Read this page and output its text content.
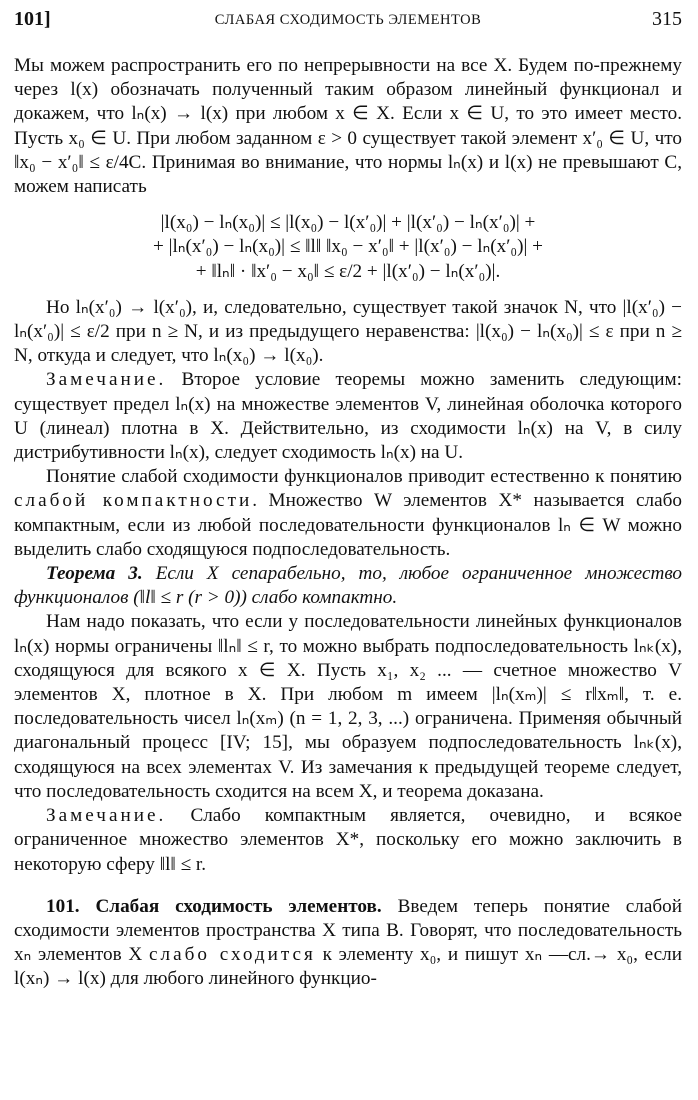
101]	СЛАБАЯ СХОДИМОСТЬ ЭЛЕМЕНТОВ	315

Мы можем распространить его по непрерывности на все X. Будем по-прежнему через l(x) обозначать полученный таким образом линейный функционал и докажем, что lₙ(x) → l(x) при любом x ∈ X. Если x ∈ U, то это имеет место. Пусть x₀ ∈ U. При любом заданном ε > 0 существует такой элемент x′₀ ∈ U, что ‖x₀ − x′₀‖ ≤ ε/4C. Принимая во внимание, что нормы lₙ(x) и l(x) не превышают C, можем написать

|l(x₀) − lₙ(x₀)| ≤ |l(x₀) − l(x′₀)| + |l(x′₀) − lₙ(x′₀)| +

+ |lₙ(x′₀) − lₙ(x₀)| ≤ ‖l‖ ‖x₀ − x′₀‖ + |l(x′₀) − lₙ(x′₀)| +

+ ‖lₙ‖ · ‖x′₀ − x₀‖ ≤ ε/2 + |l(x′₀) − lₙ(x′₀)|.

Но lₙ(x′₀) → l(x′₀), и, следовательно, существует такой значок N, что |l(x′₀) − lₙ(x′₀)| ≤ ε/2 при n ≥ N, и из предыдущего неравенства: |l(x₀) − lₙ(x₀)| ≤ ε при n ≥ N, откуда и следует, что lₙ(x₀) → l(x₀).

Замечание. Второе условие теоремы можно заменить следующим: существует предел lₙ(x) на множестве элементов V, линейная оболочка которого U (линеал) плотна в X. Действительно, из сходимости lₙ(x) на V, в силу дистрибутивности lₙ(x), следует сходимость lₙ(x) на U.

Понятие слабой сходимости функционалов приводит естественно к понятию слабой компактности. Множество W элементов X* называется слабо компактным, если из любой последовательности функционалов lₙ ∈ W можно выделить слабо сходящуюся подпоследовательность.

Теорема 3. Если X сепарабельно, то, любое ограниченное множество функционалов (‖l‖ ≤ r (r > 0)) слабо компактно.

Нам надо показать, что если у последовательности линейных функционалов lₙ(x) нормы ограничены ‖lₙ‖ ≤ r, то можно выбрать подпоследовательность lₙₖ(x), сходящуюся для всякого x ∈ X. Пусть x₁, x₂ ... — счетное множество V элементов X, плотное в X. При любом m имеем |lₙ(xₘ)| ≤ r‖xₘ‖, т. е. последовательность чисел lₙ(xₘ) (n = 1, 2, 3, ...) ограничена. Применяя обычный диагональный процесс [IV; 15], мы образуем подпоследовательность lₙₖ(x), сходящуюся на всех элементах V. Из замечания к предыдущей теореме следует, что последовательность сходится на всем X, и теорема доказана.

Замечание. Слабо компактным является, очевидно, и всякое ограниченное множество элементов X*, поскольку его можно заключить в некоторую сферу ‖l‖ ≤ r.

101. Слабая сходимость элементов. Введем теперь понятие слабой сходимости элементов пространства X типа B. Говорят, что последовательность xₙ элементов X слабо сходится к элементу x₀, и пишут xₙ —сл.→ x₀, если l(xₙ) → l(x) для любого линейного функцио-
